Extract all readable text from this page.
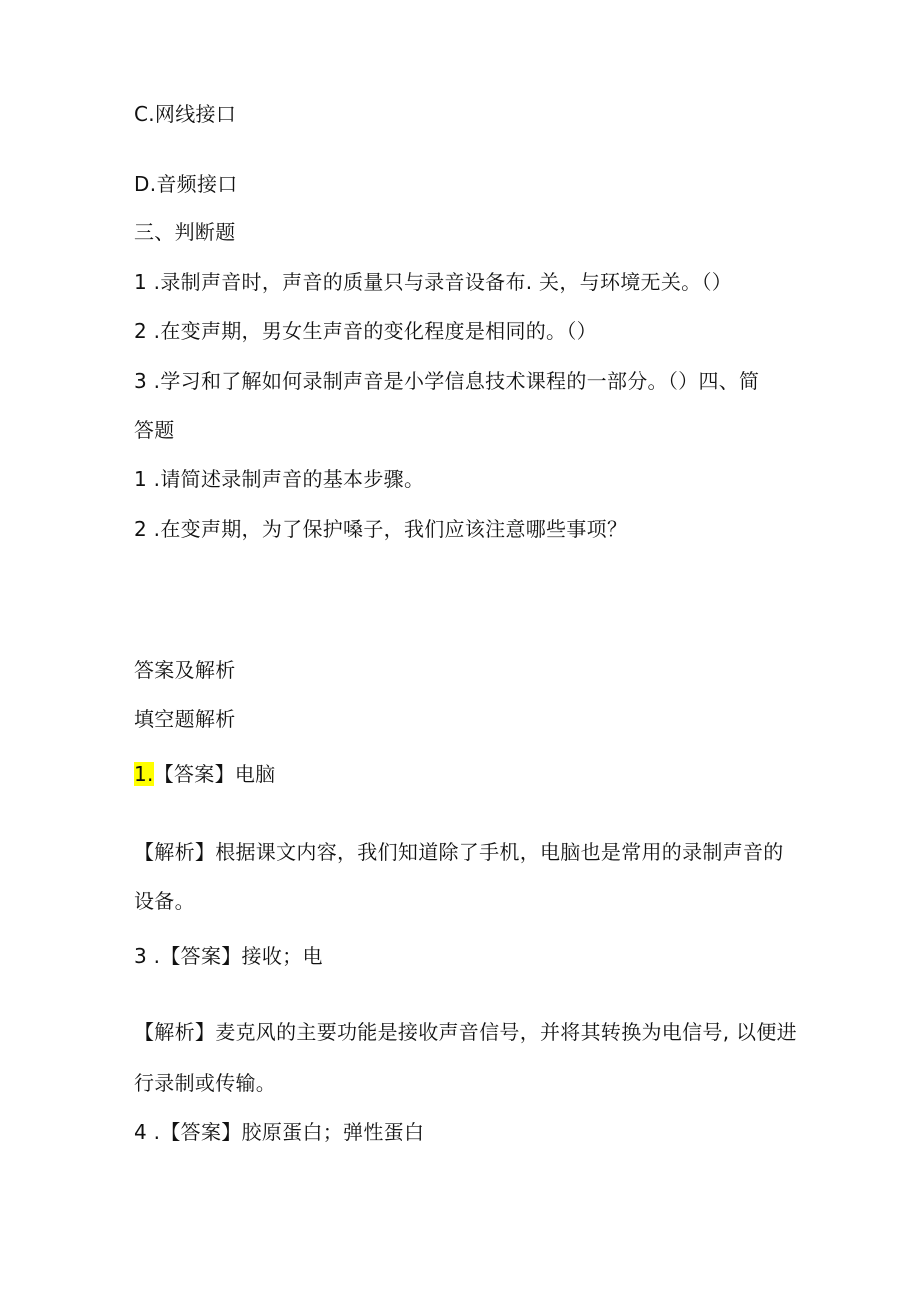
C.网线接口
D.音频接口
三、判断题
1 .录制声音时，声音的质量只与录音设备布. 关，与环境无关。（）
2 .在变声期，男女生声音的变化程度是相同的。（）
3 .学习和了解如何录制声音是小学信息技术课程的一部分。（）四、简
答题
1 .请简述录制声音的基本步骤。
2 .在变声期，为了保护嗓子，我们应该注意哪些事项？
答案及解析
填空题解析
1.【答案】电脑
【解析】根据课文内容，我们知道除了手机，电脑也是常用的录制声音的
设备。
3 .【答案】接收；电
【解析】麦克风的主要功能是接收声音信号，并将其转换为电信号, 以便进
行录制或传输。
4 .【答案】胶原蛋白；弹性蛋白
